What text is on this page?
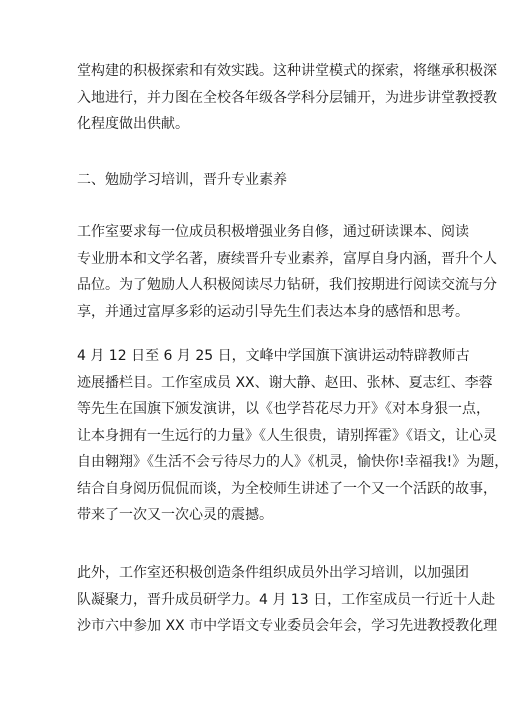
堂构建的积极探索和有效实践。这种讲堂模式的探索，将继承积极深
入地进行，并力图在全校各年级各学科分层铺开，为进步讲堂教授教
化程度做出供献。
二、勉励学习培训，晋升专业素养
工作室要求每一位成员积极增强业务自修，通过研读课本、阅读
专业册本和文学名著，赓续晋升专业素养，富厚自身内涵，晋升个人
品位。为了勉励人人积极阅读尽力钻研，我们按期进行阅读交流与分
享，并通过富厚多彩的运动引导先生们表达本身的感悟和思考。
4 月 12 日至 6 月 25 日，文峰中学国旗下演讲运动特辟教师古
迹展播栏目。工作室成员 XX、谢大静、赵田、张林、夏志红、李蓉
等先生在国旗下颁发演讲，以《也学苔花尽力开》《对本身狠一点，
让本身拥有一生远行的力量》《人生很贵，请别挥霍》《语文，让心灵
自由翱翔》《生活不会亏待尽力的人》《机灵，愉快你!幸福我!》为题，
结合自身阅历侃侃而谈，为全校师生讲述了一个又一个活跃的故事，
带来了一次又一次心灵的震撼。
此外，工作室还积极创造条件组织成员外出学习培训，以加强团
队凝聚力，晋升成员研学力。4 月 13 日，工作室成员一行近十人赴
沙市六中参加 XX 市中学语文专业委员会年会，学习先进教授教化理
